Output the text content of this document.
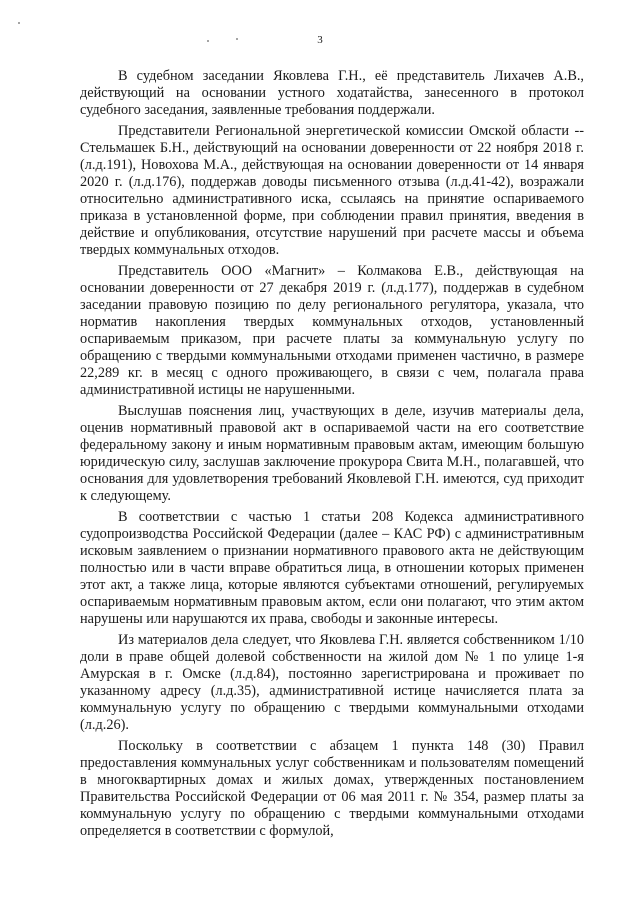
3

В судебном заседании Яковлева Г.Н., её представитель Лихачев А.В., действующий на основании устного ходатайства, занесенного в протокол судебного заседания, заявленные требования поддержали.

Представители Региональной энергетической комиссии Омской области -- Стельмашек Б.Н., действующий на основании доверенности от 22 ноября 2018 г. (л.д.191), Новохова М.А., действующая на основании доверенности от 14 января 2020 г. (л.д.176), поддержав доводы письменного отзыва (л.д.41-42), возражали относительно административного иска, ссылаясь на принятие оспариваемого приказа в установленной форме, при соблюдении правил принятия, введения в действие и опубликования, отсутствие нарушений при расчете массы и объема твердых коммунальных отходов.

Представитель ООО «Магнит» – Колмакова Е.В., действующая на основании доверенности от 27 декабря 2019 г. (л.д.177), поддержав в судебном заседании правовую позицию по делу регионального регулятора, указала, что норматив накопления твердых коммунальных отходов, установленный оспариваемым приказом, при расчете платы за коммунальную услугу по обращению с твердыми коммунальными отходами применен частично, в размере 22,289 кг. в месяц с одного проживающего, в связи с чем, полагала права административной истицы не нарушенными.

Выслушав пояснения лиц, участвующих в деле, изучив материалы дела, оценив нормативный правовой акт в оспариваемой части на его соответствие федеральному закону и иным нормативным правовым актам, имеющим большую юридическую силу, заслушав заключение прокурора Свита М.Н., полагавшей, что основания для удовлетворения требований Яковлевой Г.Н. имеются, суд приходит к следующему.

В соответствии с частью 1 статьи 208 Кодекса административного судопроизводства Российской Федерации (далее – КАС РФ) с административным исковым заявлением о признании нормативного правового акта не действующим полностью или в части вправе обратиться лица, в отношении которых применен этот акт, а также лица, которые являются субъектами отношений, регулируемых оспариваемым нормативным правовым актом, если они полагают, что этим актом нарушены или нарушаются их права, свободы и законные интересы.

Из материалов дела следует, что Яковлева Г.Н. является собственником 1/10 доли в праве общей долевой собственности на жилой дом № 1 по улице 1-я Амурская в г. Омске (л.д.84), постоянно зарегистрирована и проживает по указанному адресу (л.д.35), административной истице начисляется плата за коммунальную услугу по обращению с твердыми коммунальными отходами (л.д.26).

Поскольку в соответствии с абзацем 1 пункта 148 (30) Правил предоставления коммунальных услуг собственникам и пользователям помещений в многоквартирных домах и жилых домах, утвержденных постановлением Правительства Российской Федерации от 06 мая 2011 г. № 354, размер платы за коммунальную услугу по обращению с твердыми коммунальными отходами определяется в соответствии с формулой,
